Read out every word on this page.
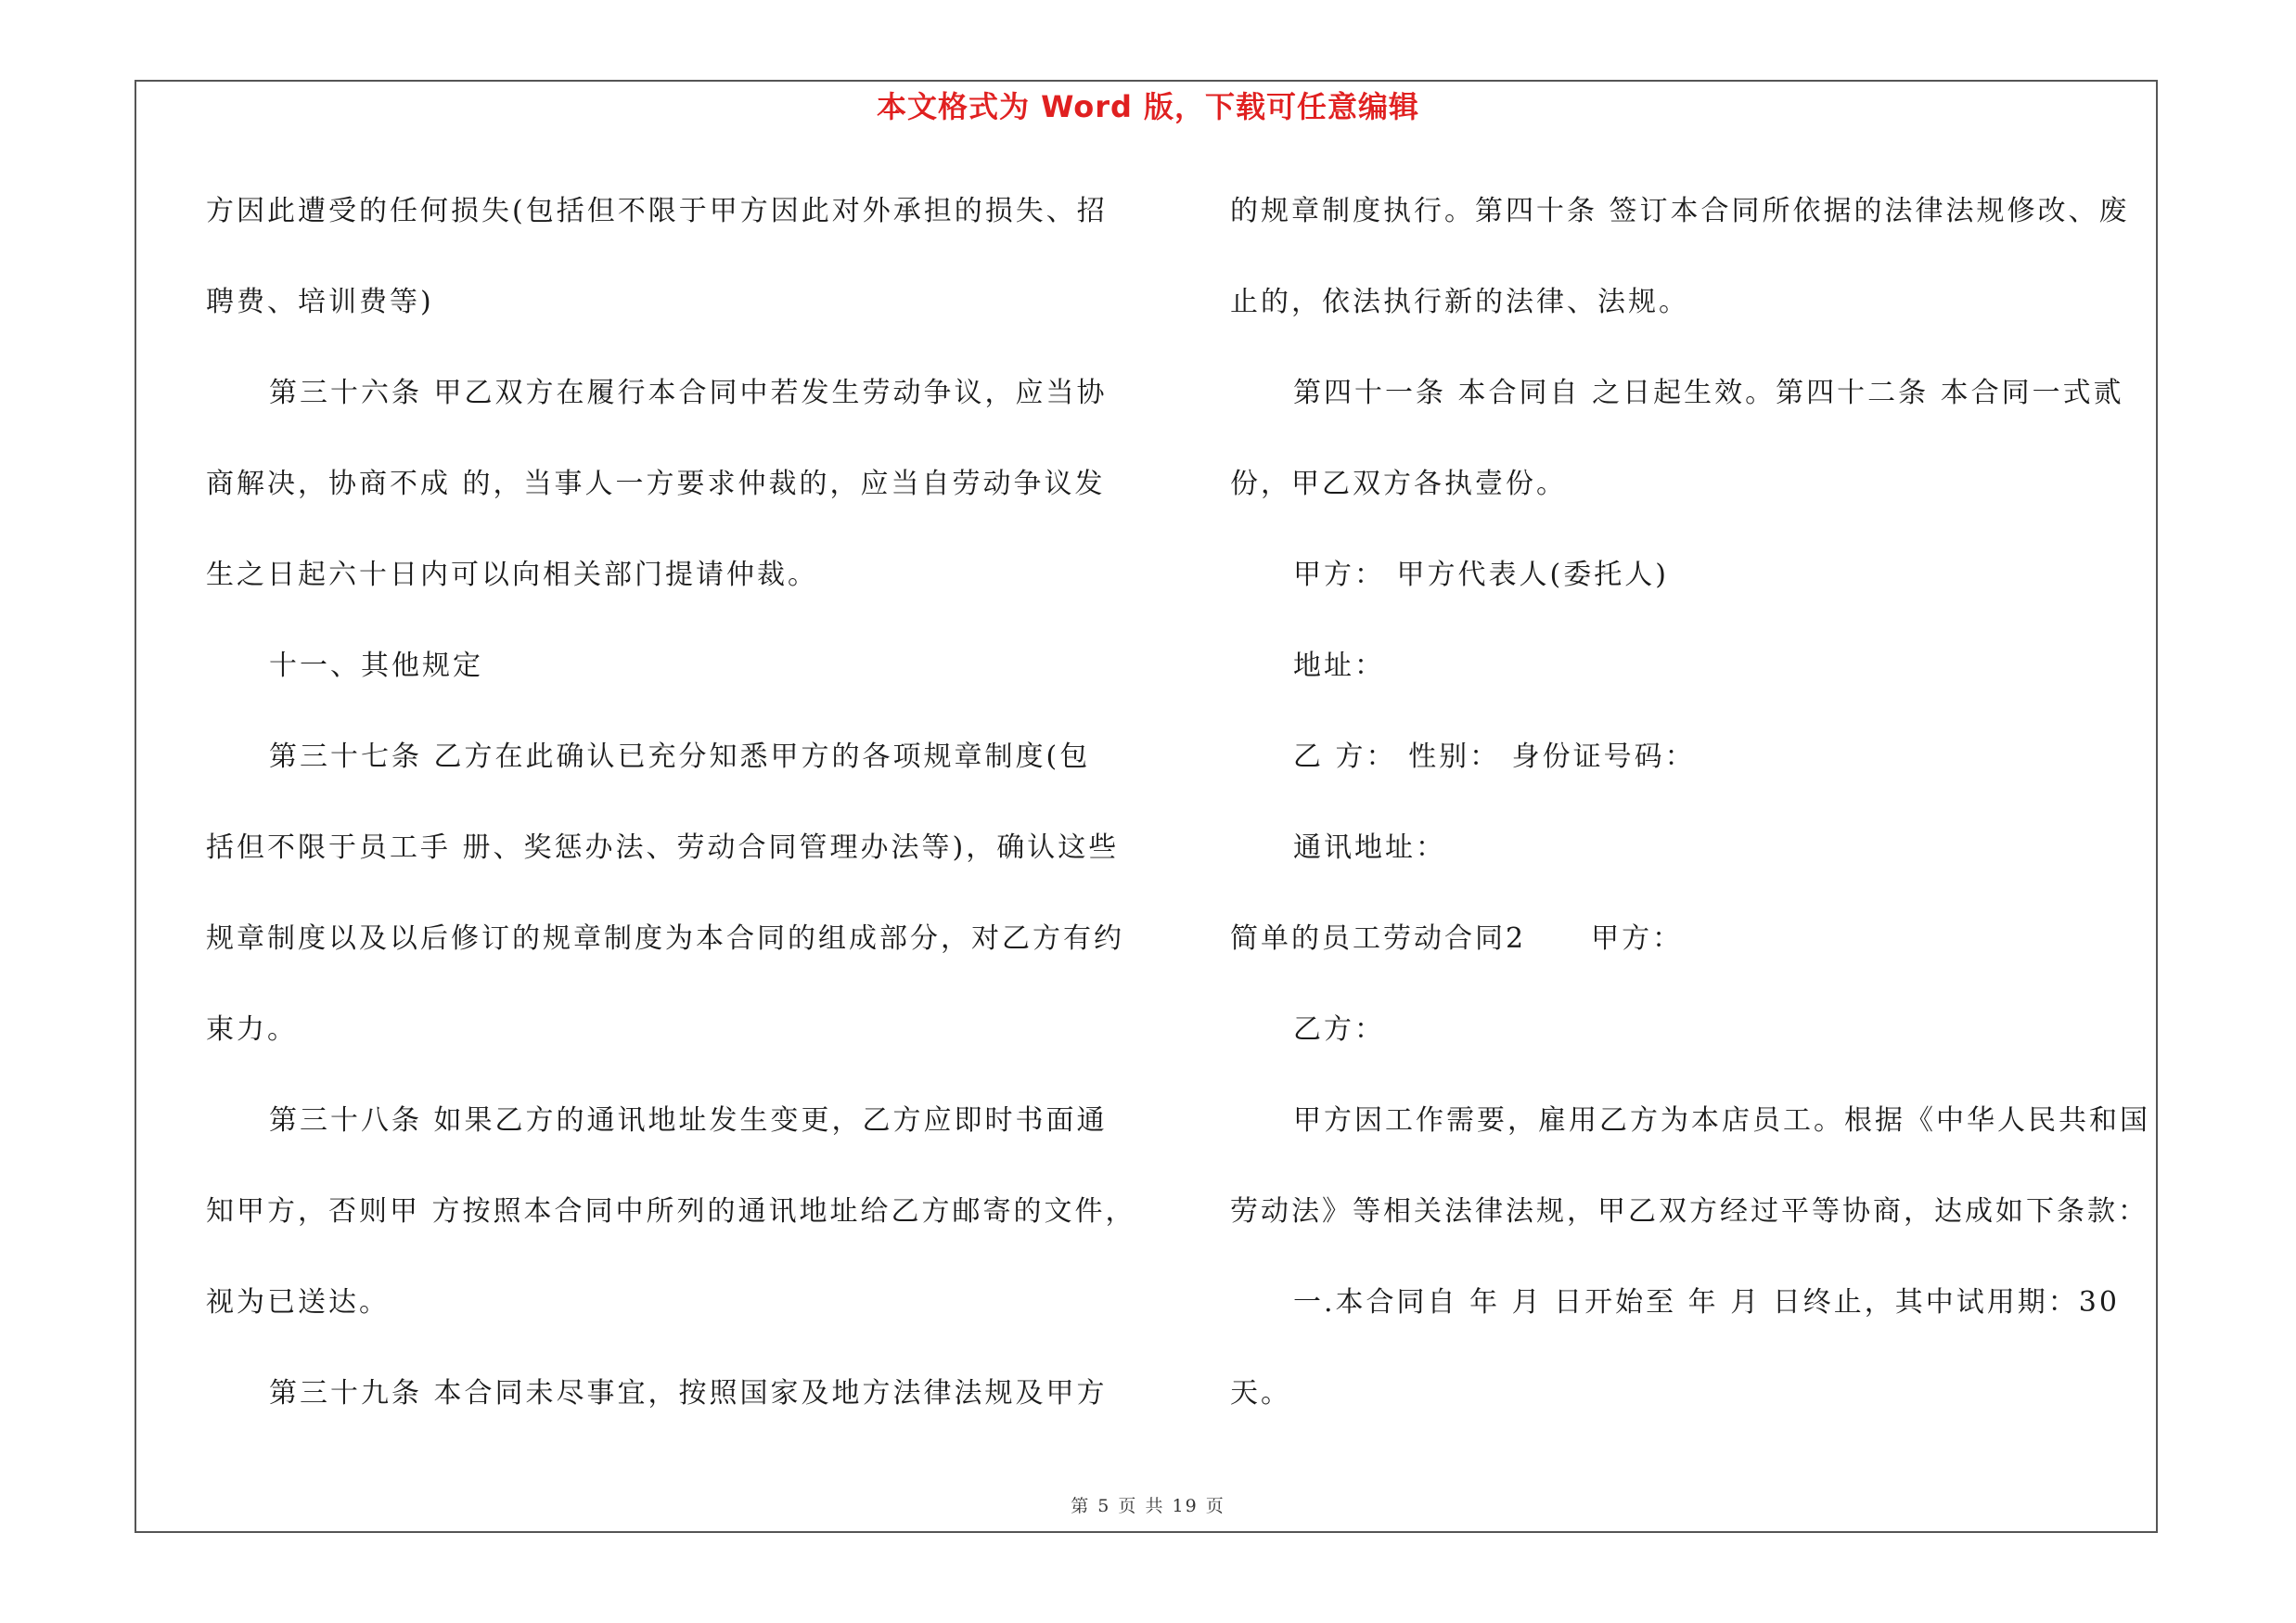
本文格式为 Word 版，下载可任意编辑
方因此遭受的任何损失(包括但不限于甲方因此对外承担的损失、招
聘费、培训费等)
第三十六条 甲乙双方在履行本合同中若发生劳动争议，应当协
商解决，协商不成 的，当事人一方要求仲裁的，应当自劳动争议发
生之日起六十日内可以向相关部门提请仲裁。
十一、其他规定
第三十七条 乙方在此确认已充分知悉甲方的各项规章制度(包
括但不限于员工手 册、奖惩办法、劳动合同管理办法等)，确认这些
规章制度以及以后修订的规章制度为本合同的组成部分，对乙方有约
束力。
第三十八条 如果乙方的通讯地址发生变更，乙方应即时书面通
知甲方，否则甲 方按照本合同中所列的通讯地址给乙方邮寄的文件，
视为已送达。
第三十九条 本合同未尽事宜，按照国家及地方法律法规及甲方
的规章制度执行。第四十条 签订本合同所依据的法律法规修改、废
止的，依法执行新的法律、法规。
第四十一条 本合同自 之日起生效。第四十二条 本合同一式贰
份，甲乙双方各执壹份。
甲方： 甲方代表人(委托人)
地址：
乙 方： 性别： 身份证号码：
通讯地址：
简单的员工劳动合同2 甲方：
乙方：
甲方因工作需要，雇用乙方为本店员工。根据《中华人民共和国
劳动法》等相关法律法规，甲乙双方经过平等协商，达成如下条款：
一.本合同自 年 月 日开始至 年 月 日终止，其中试用期：30
天。
第 5 页 共 19 页
